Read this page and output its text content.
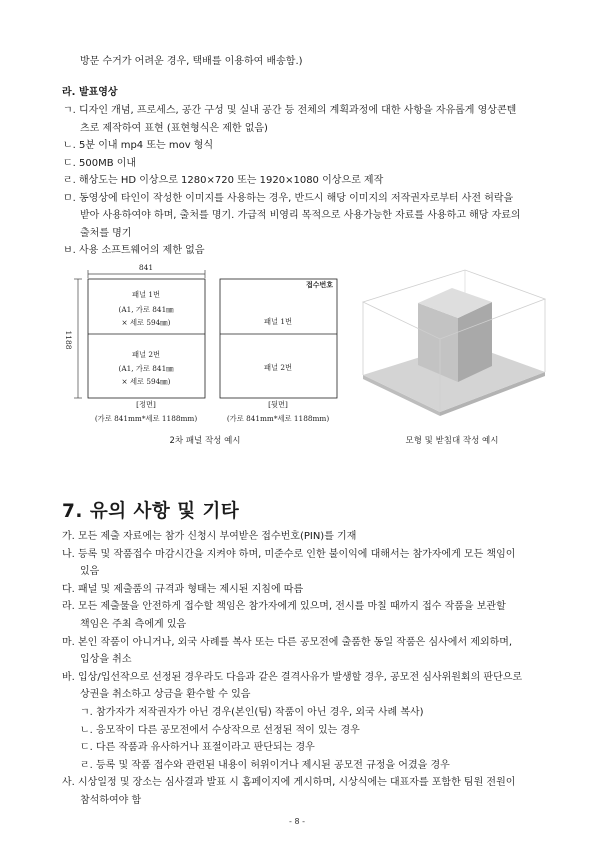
방문 수거가 어려운 경우, 택배를 이용하여 배송함.)
라. 발표영상
ㄱ. 디자인 개념, 프로세스, 공간 구성 및 실내 공간 등 전체의 계획과정에 대한 사항을 자유롭게 영상콘텐
츠로 제작하여 표현 (표현형식은 제한 없음)
ㄴ. 5분 이내 mp4 또는 mov 형식
ㄷ. 500MB 이내
ㄹ. 해상도는 HD 이상으로 1280×720 또는 1920×1080 이상으로 제작
ㅁ. 동영상에 타인이 작성한 이미지를 사용하는 경우, 반드시 해당 이미지의 저작권자로부터 사전 허락을
받아 사용하여야 하며, 출처를 명기. 가급적 비영리 목적으로 사용가능한 자료를 사용하고 해당 자료의
출처를 명기
ㅂ. 사용 소프트웨어의 제한 없음
841
1188
패널 1번
(A1, 가로 841㎜
× 세로 594㎜)
패널 2번
(A1, 가로 841㎜
× 세로 594㎜)
접수번호
패널 1번
패널 2번
[정면]
(가로 841mm*세로 1188mm)
[뒷면]
(가로 841mm*세로 1188mm)
2차 패널 작성 예시	모형 및 받침대 작성 예시
7. 유의 사항 및 기타
가. 모든 제출 자료에는 참가 신청시 부여받은 접수번호(PIN)를 기재
나. 등록 및 작품접수 마감시간을 지켜야 하며, 미준수로 인한 불이익에 대해서는 참가자에게 모든 책임이
있음
다. 패널 및 제출품의 규격과 형태는 제시된 지침에 따름
라. 모든 제출물을 안전하게 접수할 책임은 참가자에게 있으며, 전시를 마칠 때까지 접수 작품을 보관할
책임은 주최 측에게 있음
마. 본인 작품이 아니거나, 외국 사례를 복사 또는 다른 공모전에 출품한 동일 작품은 심사에서 제외하며,
입상을 취소
바. 입상/입선작으로 선정된 경우라도 다음과 같은 결격사유가 발생할 경우, 공모전 심사위원회의 판단으로
상권을 취소하고 상금을 환수할 수 있음
ㄱ. 참가자가 저작권자가 아닌 경우(본인(팀) 작품이 아닌 경우, 외국 사례 복사)
ㄴ. 응모작이 다른 공모전에서 수상작으로 선정된 적이 있는 경우
ㄷ. 다른 작품과 유사하거나 표절이라고 판단되는 경우
ㄹ. 등록 및 작품 접수와 관련된 내용이 허위이거나 제시된 공모전 규정을 어겼을 경우
사. 시상일정 및 장소는 심사결과 발표 시 홈페이지에 게시하며, 시상식에는 대표자를 포함한 팀원 전원이
참석하여야 함
- 8 -
